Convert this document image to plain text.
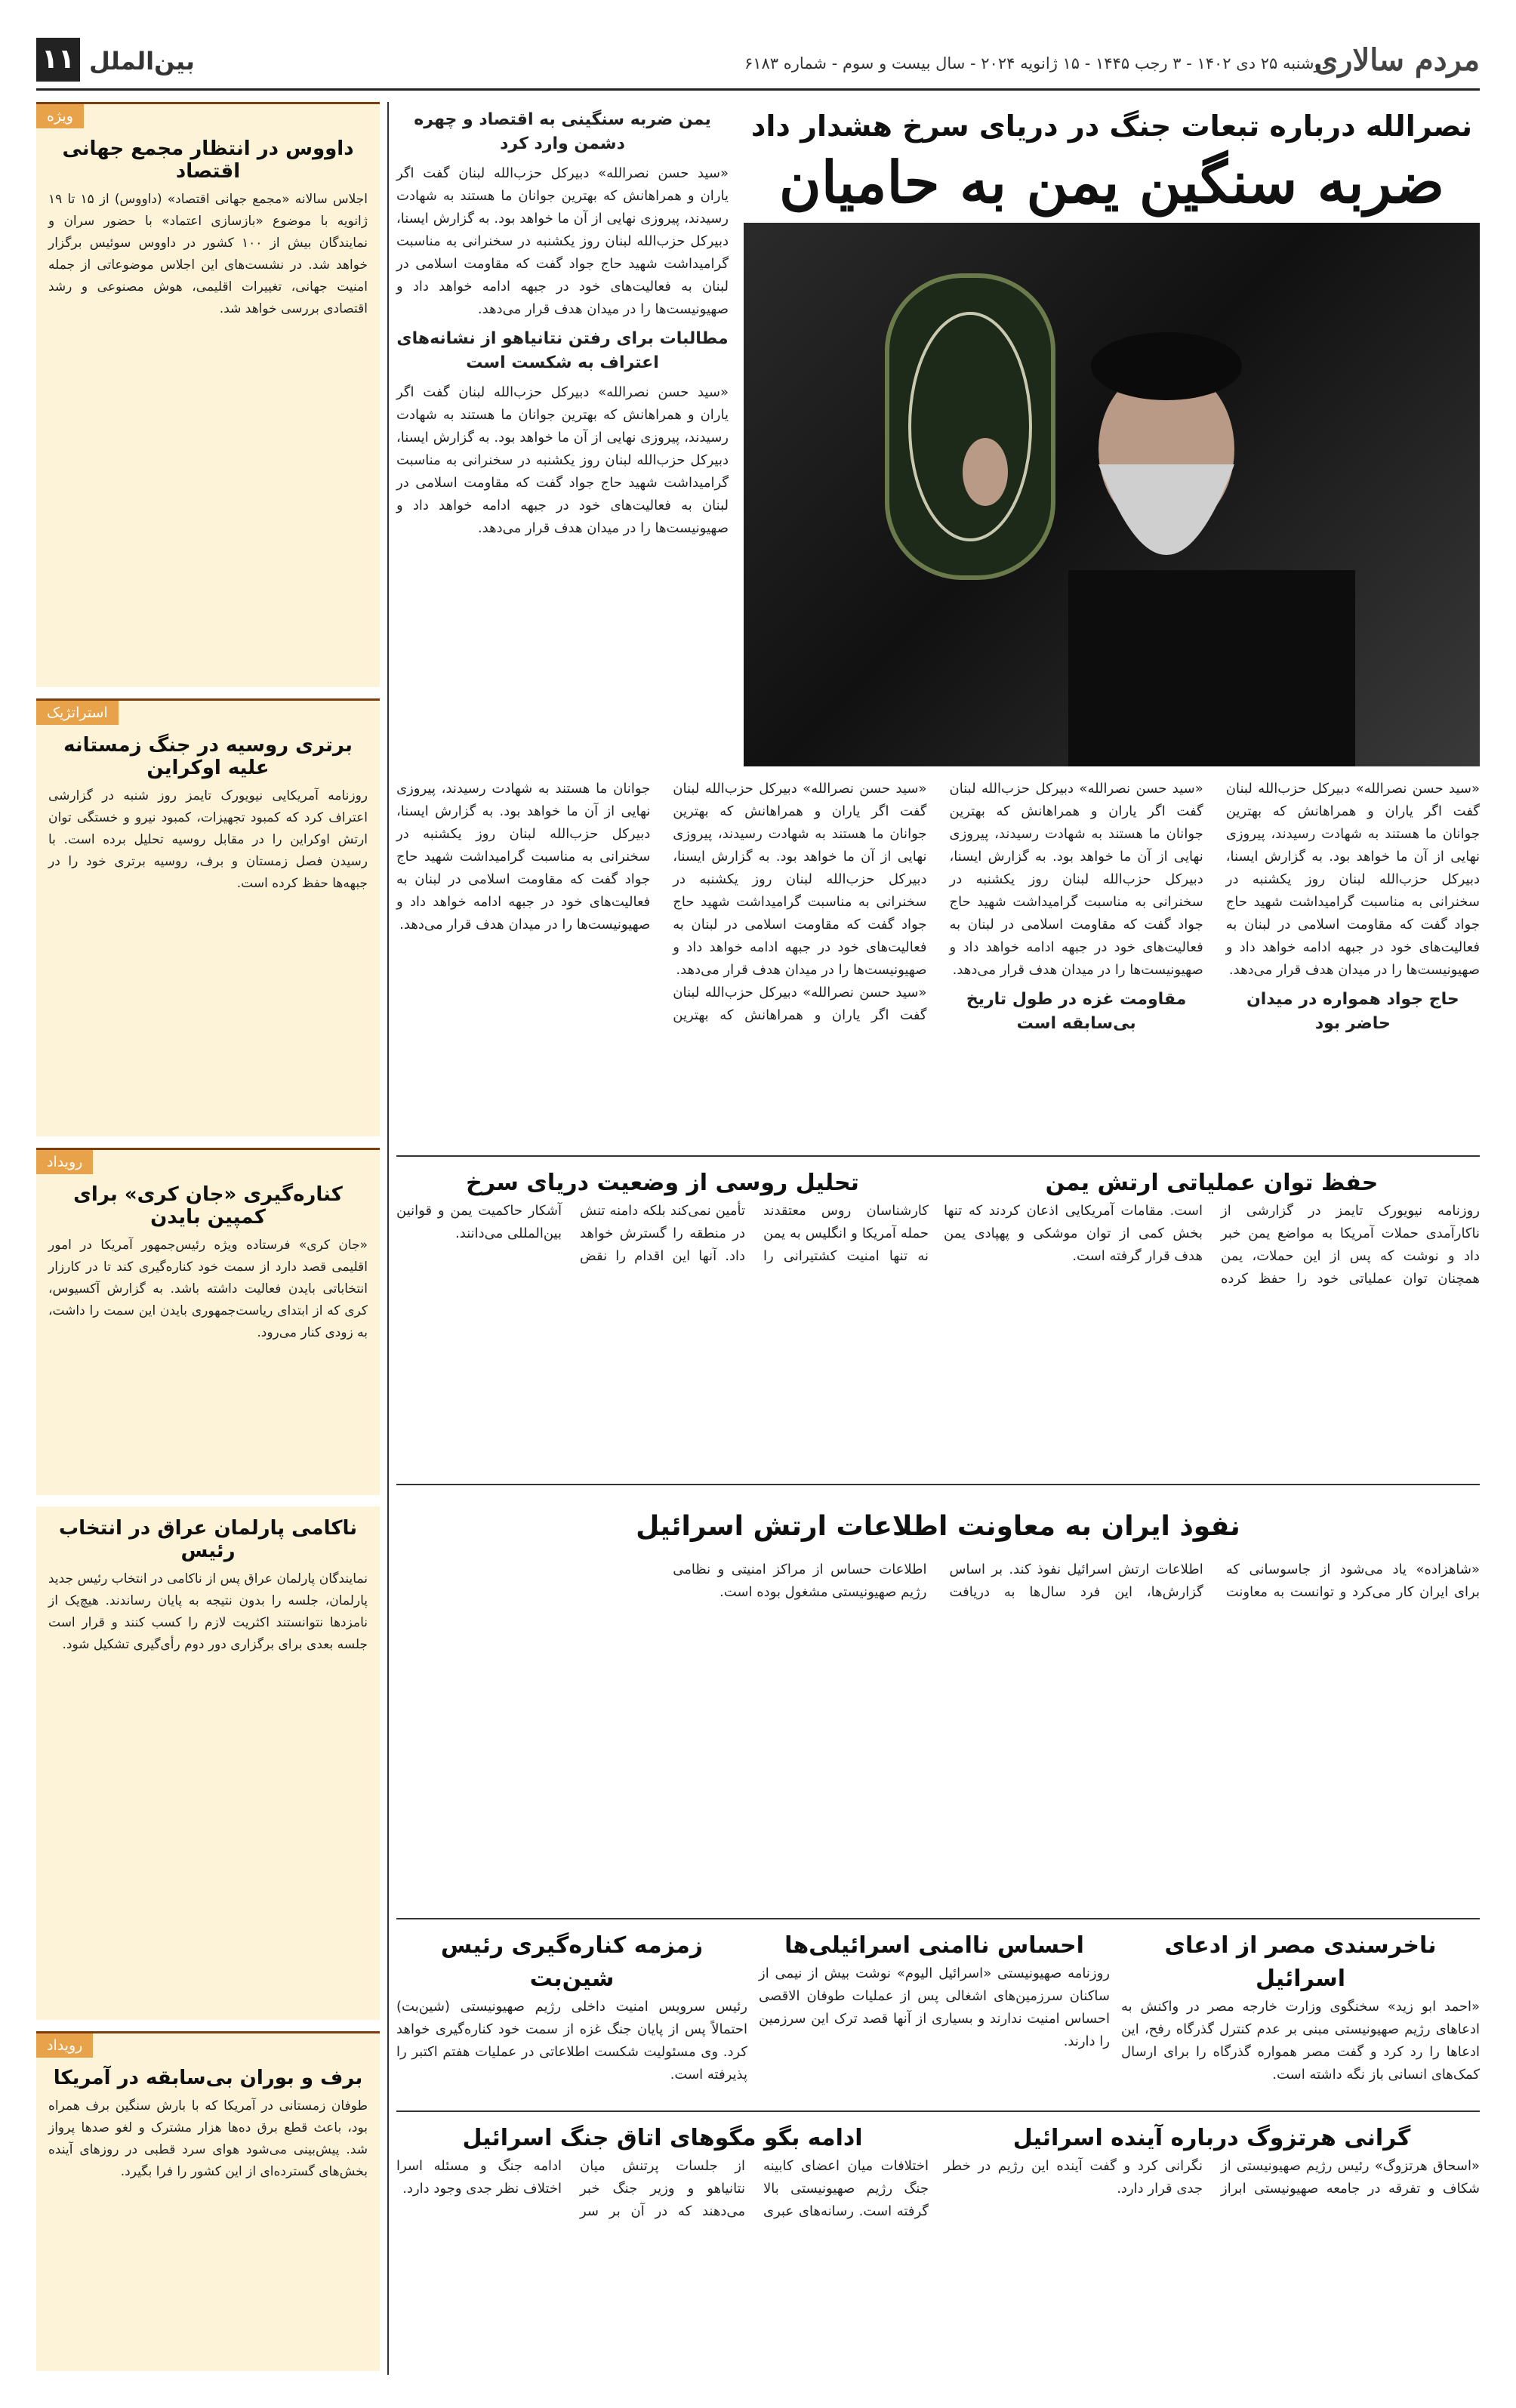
مردم سالاری
دوشنبه ۲۵ دی ۱۴۰۲ - ۳ رجب ۱۴۴۵ - ۱۵ ژانویه ۲۰۲۴ - سال بیست و سوم - شماره ۶۱۸۳
بین‌الملل
۱۱
ویژه
داووس در انتظار مجمع جهانی اقتصاد
اجلاس سالانه «مجمع جهانی اقتصاد» (داووس) از ۱۵ تا ۱۹ ژانویه با موضوع «بازسازی اعتماد» با حضور سران و نمایندگان بیش از ۱۰۰ کشور در داووس سوئیس برگزار خواهد شد. در نشست‌های این اجلاس موضوعاتی از جمله امنیت جهانی، تغییرات اقلیمی، هوش مصنوعی و رشد اقتصادی بررسی خواهد شد.
استراتژیک
برتری روسیه در جنگ زمستانه علیه اوکراین
روزنامه آمریکایی نیویورک تایمز روز شنبه در گزارشی اعتراف کرد که کمبود تجهیزات، کمبود نیرو و خستگی توان ارتش اوکراین را در مقابل روسیه تحلیل برده است. با رسیدن فصل زمستان و برف، روسیه برتری خود را در جبهه‌ها حفظ کرده است.
رویداد
کناره‌گیری «جان کری» برای کمپین بایدن
«جان کری» فرستاده ویژه رئیس‌جمهور آمریکا در امور اقلیمی قصد دارد از سمت خود کناره‌گیری کند تا در کارزار انتخاباتی بایدن فعالیت داشته باشد. به گزارش آکسیوس، کری که از ابتدای ریاست‌جمهوری بایدن این سمت را داشت، به زودی کنار می‌رود.
ناکامی پارلمان عراق در انتخاب رئیس
نمایندگان پارلمان عراق پس از ناکامی در انتخاب رئیس جدید پارلمان، جلسه را بدون نتیجه به پایان رساندند. هیچ‌یک از نامزدها نتوانستند اکثریت لازم را کسب کنند و قرار است جلسه بعدی برای برگزاری دور دوم رأی‌گیری تشکیل شود.
رویداد
برف و بوران بی‌سابقه در آمریکا
طوفان زمستانی در آمریکا که با بارش سنگین برف همراه بود، باعث قطع برق ده‌ها هزار مشترک و لغو صدها پرواز شد. پیش‌بینی می‌شود هوای سرد قطبی در روزهای آینده بخش‌های گسترده‌ای از این کشور را فرا بگیرد.
نصرالله درباره تبعات جنگ در دریای سرخ هشدار داد
ضربه سنگین یمن به حامیان
یمن ضربه سنگینی به اقتصاد و چهره دشمن وارد کرد
«سید حسن نصرالله» دبیرکل حزب‌الله لبنان گفت اگر یاران و همراهانش که بهترین جوانان ما هستند به شهادت رسیدند، پیروزی نهایی از آن ما خواهد بود. به گزارش ایسنا، دبیرکل حزب‌الله لبنان روز یکشنبه در سخنرانی به مناسبت گرامیداشت شهید حاج جواد گفت که مقاومت اسلامی در لبنان به فعالیت‌های خود در جبهه ادامه خواهد داد و صهیونیست‌ها را در میدان هدف قرار می‌دهد.
مطالبات برای رفتن نتانیاهو از نشانه‌های اعتراف به شکست است
«سید حسن نصرالله» دبیرکل حزب‌الله لبنان گفت اگر یاران و همراهانش که بهترین جوانان ما هستند به شهادت رسیدند، پیروزی نهایی از آن ما خواهد بود. به گزارش ایسنا، دبیرکل حزب‌الله لبنان روز یکشنبه در سخنرانی به مناسبت گرامیداشت شهید حاج جواد گفت که مقاومت اسلامی در لبنان به فعالیت‌های خود در جبهه ادامه خواهد داد و صهیونیست‌ها را در میدان هدف قرار می‌دهد.
«سید حسن نصرالله» دبیرکل حزب‌الله لبنان گفت اگر یاران و همراهانش که بهترین جوانان ما هستند به شهادت رسیدند، پیروزی نهایی از آن ما خواهد بود. به گزارش ایسنا، دبیرکل حزب‌الله لبنان روز یکشنبه در سخنرانی به مناسبت گرامیداشت شهید حاج جواد گفت که مقاومت اسلامی در لبنان به فعالیت‌های خود در جبهه ادامه خواهد داد و صهیونیست‌ها را در میدان هدف قرار می‌دهد.
حاج جواد همواره در میدان حاضر بود
«سید حسن نصرالله» دبیرکل حزب‌الله لبنان گفت اگر یاران و همراهانش که بهترین جوانان ما هستند به شهادت رسیدند، پیروزی نهایی از آن ما خواهد بود. به گزارش ایسنا، دبیرکل حزب‌الله لبنان روز یکشنبه در سخنرانی به مناسبت گرامیداشت شهید حاج جواد گفت که مقاومت اسلامی در لبنان به فعالیت‌های خود در جبهه ادامه خواهد داد و صهیونیست‌ها را در میدان هدف قرار می‌دهد.
مقاومت غزه در طول تاریخ بی‌سابقه است
«سید حسن نصرالله» دبیرکل حزب‌الله لبنان گفت اگر یاران و همراهانش که بهترین جوانان ما هستند به شهادت رسیدند، پیروزی نهایی از آن ما خواهد بود. به گزارش ایسنا، دبیرکل حزب‌الله لبنان روز یکشنبه در سخنرانی به مناسبت گرامیداشت شهید حاج جواد گفت که مقاومت اسلامی در لبنان به فعالیت‌های خود در جبهه ادامه خواهد داد و صهیونیست‌ها را در میدان هدف قرار می‌دهد.
«سید حسن نصرالله» دبیرکل حزب‌الله لبنان گفت اگر یاران و همراهانش که بهترین جوانان ما هستند به شهادت رسیدند، پیروزی نهایی از آن ما خواهد بود. به گزارش ایسنا، دبیرکل حزب‌الله لبنان روز یکشنبه در سخنرانی به مناسبت گرامیداشت شهید حاج جواد گفت که مقاومت اسلامی در لبنان به فعالیت‌های خود در جبهه ادامه خواهد داد و صهیونیست‌ها را در میدان هدف قرار می‌دهد.
حفظ توان عملیاتی ارتش یمن
روزنامه نیویورک تایمز در گزارشی از ناکارآمدی حملات آمریکا به مواضع یمن خبر داد و نوشت که پس از این حملات، یمن همچنان توان عملیاتی خود را حفظ کرده است. مقامات آمریکایی اذعان کردند که تنها بخش کمی از توان موشکی و پهپادی یمن هدف قرار گرفته است.
تحلیل روسی از وضعیت دریای سرخ
کارشناسان روس معتقدند حمله آمریکا و انگلیس به یمن نه تنها امنیت کشتیرانی را تأمین نمی‌کند بلکه دامنه تنش در منطقه را گسترش خواهد داد. آنها این اقدام را نقض آشکار حاکمیت یمن و قوانین بین‌المللی می‌دانند.
نفوذ ایران به معاونت اطلاعات ارتش اسرائیل
«شاهزاده» یاد می‌شود از جاسوسانی که برای ایران کار می‌کرد و توانست به معاونت اطلاعات ارتش اسرائیل نفوذ کند. بر اساس گزارش‌ها، این فرد سال‌ها به دریافت اطلاعات حساس از مراکز امنیتی و نظامی رژیم صهیونیستی مشغول بوده است.
ناخرسندی مصر از ادعای اسرائیل
«احمد ابو زید» سخنگوی وزارت خارجه مصر در واکنش به ادعاهای رژیم صهیونیستی مبنی بر عدم کنترل گذرگاه رفح، این ادعاها را رد کرد و گفت مصر همواره گذرگاه را برای ارسال کمک‌های انسانی باز نگه داشته است.
احساس ناامنی اسرائیلی‌ها
روزنامه صهیونیستی «اسرائیل الیوم» نوشت بیش از نیمی از ساکنان سرزمین‌های اشغالی پس از عملیات طوفان الاقصی احساس امنیت ندارند و بسیاری از آنها قصد ترک این سرزمین را دارند.
زمزمه کناره‌گیری رئیس شین‌بت
رئیس سرویس امنیت داخلی رژیم صهیونیستی (شین‌بت) احتمالاً پس از پایان جنگ غزه از سمت خود کناره‌گیری خواهد کرد. وی مسئولیت شکست اطلاعاتی در عملیات هفتم اکتبر را پذیرفته است.
گرانی هرتزوگ درباره آینده اسرائیل
«اسحاق هرتزوگ» رئیس رژیم صهیونیستی از شکاف و تفرقه در جامعه صهیونیستی ابراز نگرانی کرد و گفت آینده این رژیم در خطر جدی قرار دارد.
ادامه بگو مگوهای اتاق جنگ اسرائیل
اختلافات میان اعضای کابینه جنگ رژیم صهیونیستی بالا گرفته است. رسانه‌های عبری از جلسات پرتنش میان نتانیاهو و وزیر جنگ خبر می‌دهند که در آن بر سر ادامه جنگ و مسئله اسرا اختلاف نظر جدی وجود دارد.
